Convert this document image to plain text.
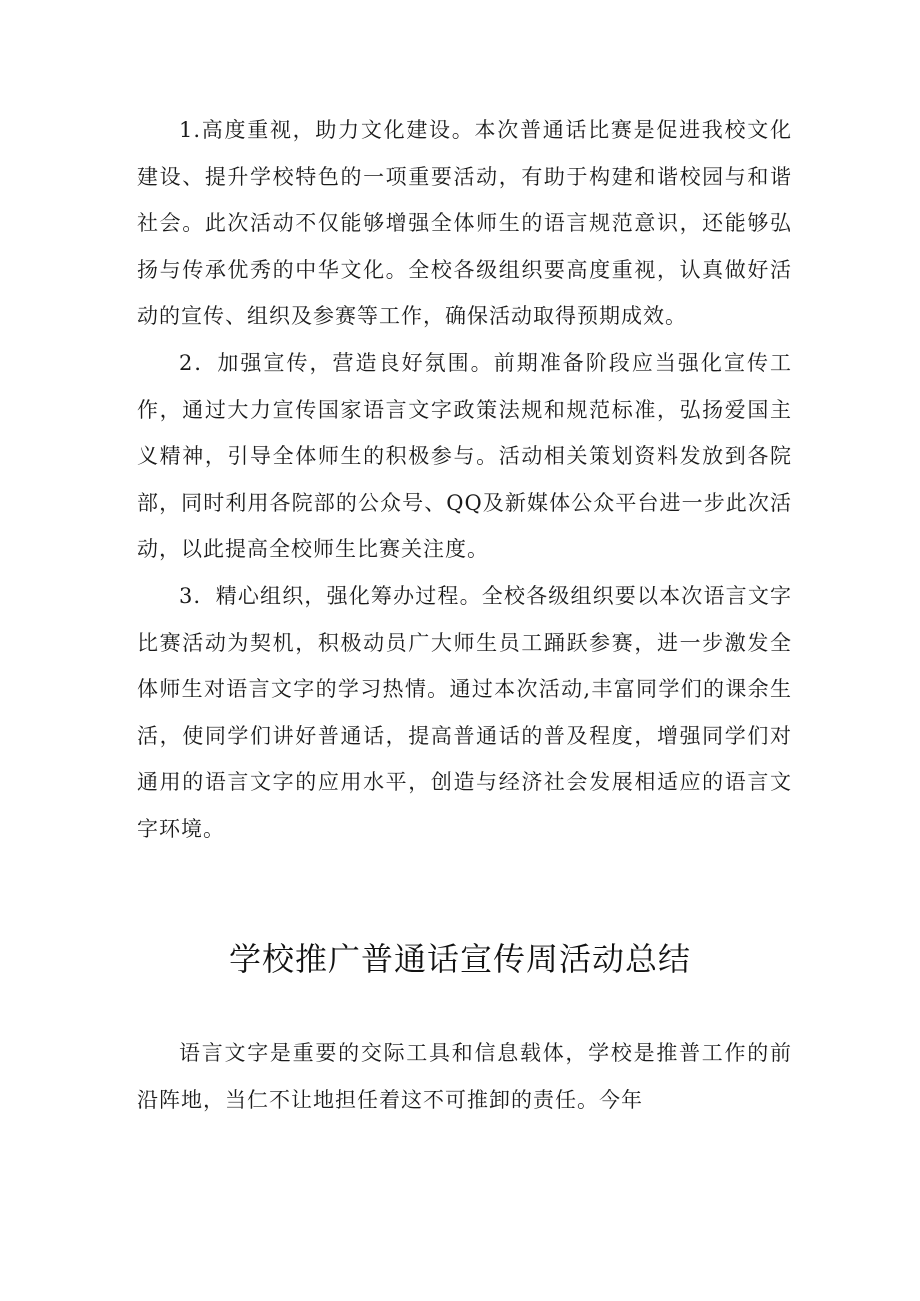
1.高度重视，助力文化建设。本次普通话比赛是促进我校文化建设、提升学校特色的一项重要活动，有助于构建和谐校园与和谐社会。此次活动不仅能够增强全体师生的语言规范意识，还能够弘扬与传承优秀的中华文化。全校各级组织要高度重视，认真做好活动的宣传、组织及参赛等工作，确保活动取得预期成效。

2．加强宣传，营造良好氛围。前期准备阶段应当强化宣传工作，通过大力宣传国家语言文字政策法规和规范标准，弘扬爱国主义精神，引导全体师生的积极参与。活动相关策划资料发放到各院部，同时利用各院部的公众号、QQ及新媒体公众平台进一步此次活动，以此提高全校师生比赛关注度。

3．精心组织，强化筹办过程。全校各级组织要以本次语言文字比赛活动为契机，积极动员广大师生员工踊跃参赛，进一步激发全体师生对语言文字的学习热情。通过本次活动,丰富同学们的课余生活，使同学们讲好普通话，提高普通话的普及程度，增强同学们对通用的语言文字的应用水平，创造与经济社会发展相适应的语言文字环境。

学校推广普通话宣传周活动总结

语言文字是重要的交际工具和信息载体，学校是推普工作的前沿阵地，当仁不让地担任着这不可推卸的责任。今年
